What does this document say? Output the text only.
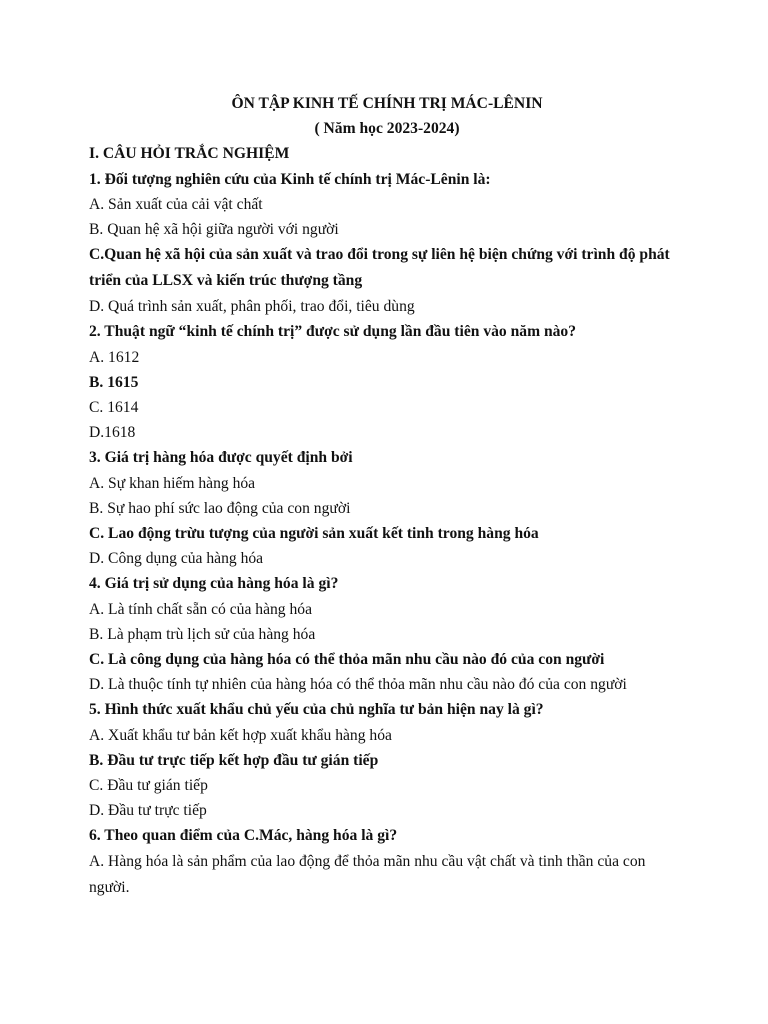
ÔN TẬP KINH TẾ CHÍNH TRỊ MÁC-LÊNIN
( Năm học 2023-2024)
I. CÂU HỎI TRẮC NGHIỆM
1. Đối tượng nghiên cứu của Kinh tế chính trị Mác-Lênin là:
A. Sản xuất của cải vật chất
B. Quan hệ xã hội giữa người với người
C.Quan hệ xã hội của sản xuất và trao đổi trong sự liên hệ biện chứng với trình độ phát triển của LLSX và kiến trúc thượng tầng
D. Quá trình sản xuất, phân phối, trao đổi, tiêu dùng
2. Thuật ngữ “kinh tế chính trị” được sử dụng lần đầu tiên vào năm nào?
A. 1612
B. 1615
C. 1614
D.1618
3. Giá trị hàng hóa được quyết định bởi
A. Sự khan hiếm hàng hóa
B. Sự hao phí sức lao động của con người
C. Lao động trừu tượng của người sản xuất kết tinh trong hàng hóa
D. Công dụng của hàng hóa
4. Giá trị sử dụng của hàng hóa là gì?
A. Là tính chất sẵn có của hàng hóa
B. Là phạm trù lịch sử của hàng hóa
C. Là công dụng của hàng hóa có thể thỏa mãn nhu cầu nào đó của con người
D. Là thuộc tính tự nhiên của hàng hóa có thể thỏa mãn nhu cầu nào đó của con người
5. Hình thức xuất khẩu chủ yếu của chủ nghĩa tư bản hiện nay là gì?
A. Xuất khẩu tư bản kết hợp xuất khẩu hàng hóa
B. Đầu tư trực tiếp kết hợp đầu tư gián tiếp
C. Đầu tư gián tiếp
D. Đầu tư trực tiếp
6. Theo quan điểm của C.Mác, hàng hóa là gì?
A. Hàng hóa là sản phẩm của lao động để thỏa mãn nhu cầu vật chất và tinh thần của con người.
